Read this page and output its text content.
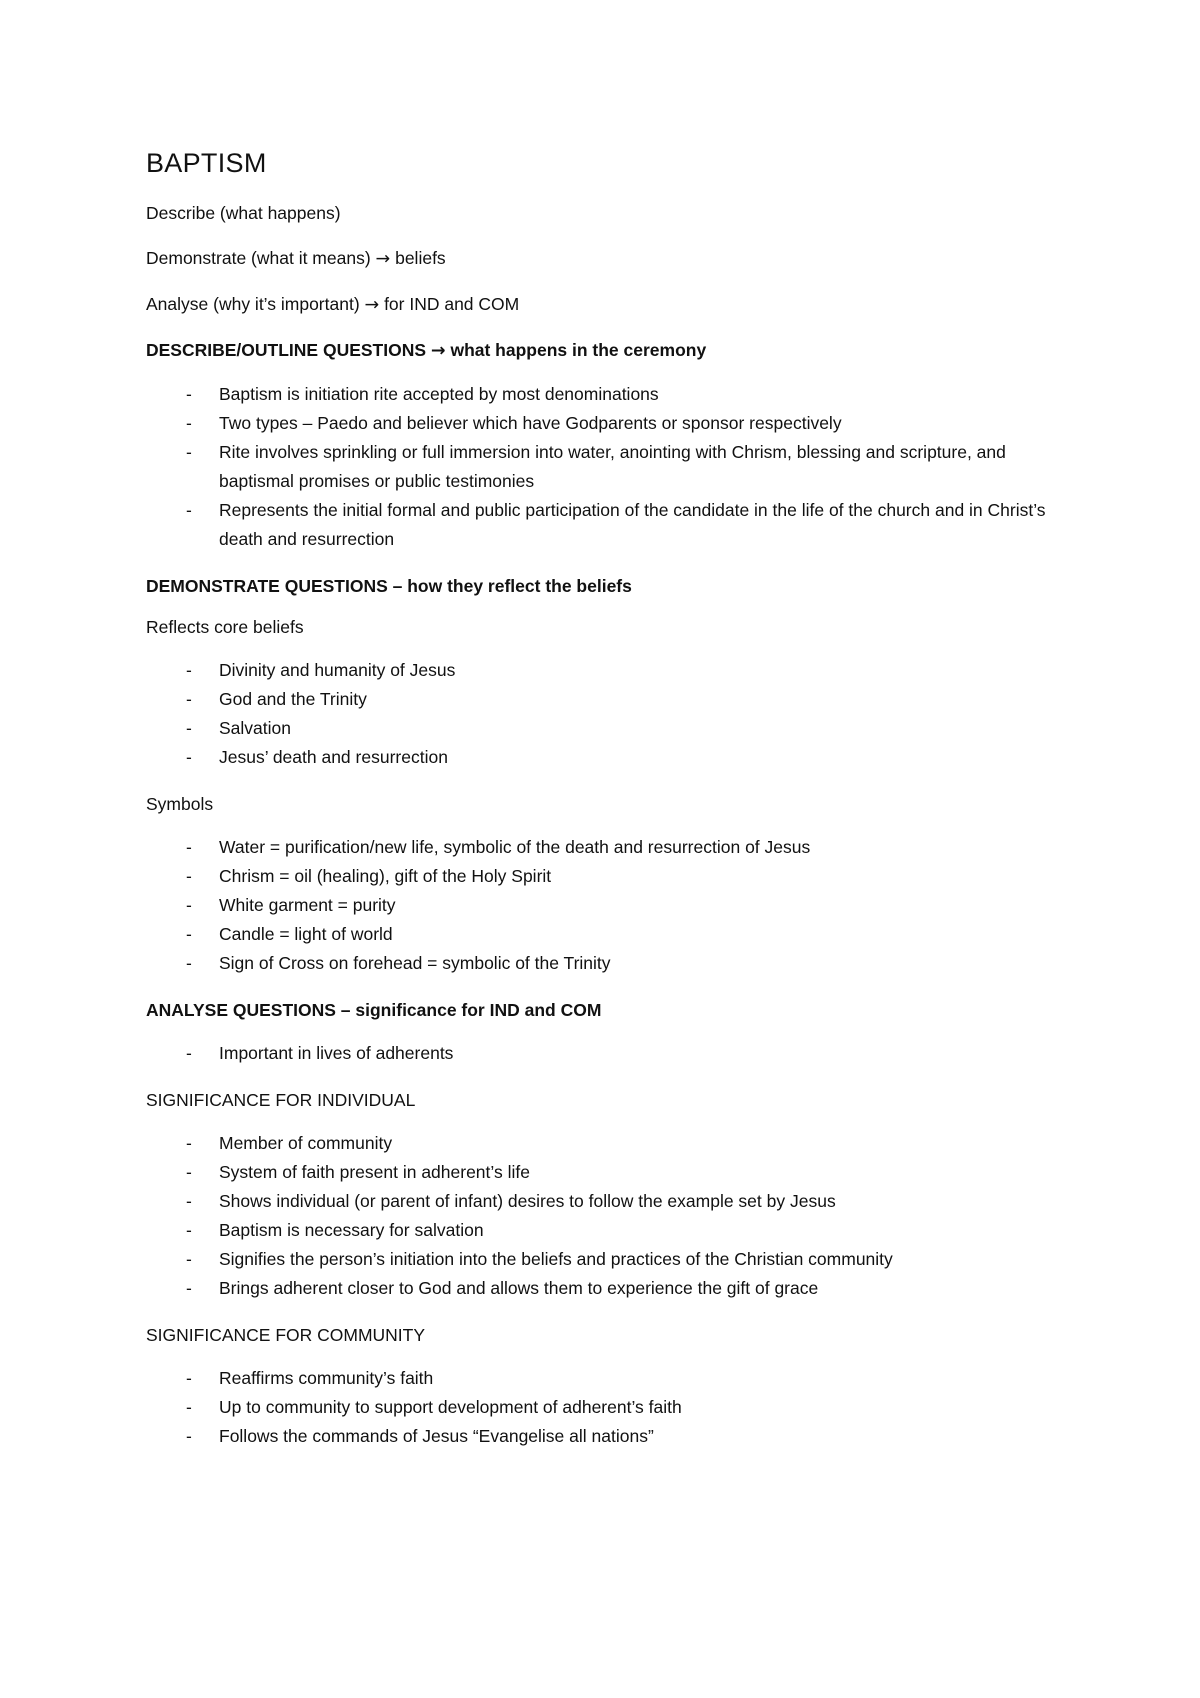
BAPTISM

Describe (what happens)

Demonstrate (what it means) → beliefs

Analyse (why it’s important) → for IND and COM

DESCRIBE/OUTLINE QUESTIONS → what happens in the ceremony

- Baptism is initiation rite accepted by most denominations
- Two types – Paedo and believer which have Godparents or sponsor respectively
- Rite involves sprinkling or full immersion into water, anointing with Chrism, blessing and scripture, and baptismal promises or public testimonies
- Represents the initial formal and public participation of the candidate in the life of the church and in Christ’s death and resurrection

DEMONSTRATE QUESTIONS – how they reflect the beliefs

Reflects core beliefs

- Divinity and humanity of Jesus
- God and the Trinity
- Salvation
- Jesus’ death and resurrection

Symbols

- Water = purification/new life, symbolic of the death and resurrection of Jesus
- Chrism = oil (healing), gift of the Holy Spirit
- White garment = purity
- Candle = light of world
- Sign of Cross on forehead = symbolic of the Trinity

ANALYSE QUESTIONS – significance for IND and COM

- Important in lives of adherents

SIGNIFICANCE FOR INDIVIDUAL

- Member of community
- System of faith present in adherent’s life
- Shows individual (or parent of infant) desires to follow the example set by Jesus
- Baptism is necessary for salvation
- Signifies the person’s initiation into the beliefs and practices of the Christian community
- Brings adherent closer to God and allows them to experience the gift of grace

SIGNIFICANCE FOR COMMUNITY

- Reaffirms community’s faith
- Up to community to support development of adherent’s faith
- Follows the commands of Jesus “Evangelise all nations”
